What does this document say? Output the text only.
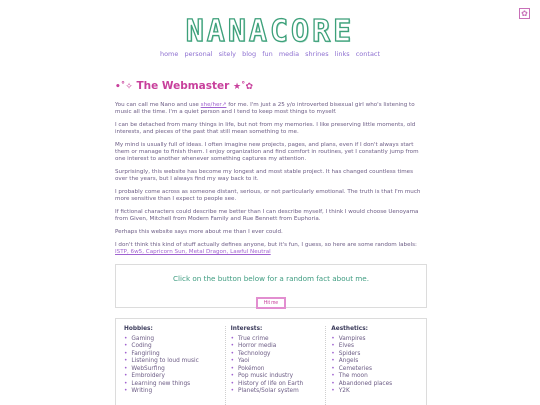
✿
NANACORE
home personal sitely blog fun media shrines links contact
•˚✧ The Webmaster ★˚✿

You can call me Nano and use she/her↗ for me. I'm just a 25 y/o introverted bisexual girl who's listening to music all the time. I'm a quiet person and I tend to keep most things to myself.

I can be detached from many things in life, but not from my memories. I like preserving little moments, old interests, and pieces of the past that still mean something to me.

My mind is usually full of ideas. I often imagine new projects, pages, and plans, even if I don't always start them or manage to finish them. I enjoy organization and find comfort in routines, yet I constantly jump from one interest to another whenever something captures my attention.

Surprisingly, this website has become my longest and most stable project. It has changed countless times over the years, but I always find my way back to it.

I probably come across as someone distant, serious, or not particularly emotional. The truth is that I'm much more sensitive than I expect to people see.

If fictional characters could describe me better than I can describe myself, I think I would choose Uenoyama from Given, Mitchell from Modern Family and Rue Bennett from Euphoria.

Perhaps this website says more about me than I ever could.

I don't think this kind of stuff actually defines anyone, but it's fun, I guess, so here are some random labels: ISTP, 6w5, Capricorn Sun, Metal Dragon, Lawful Neutral

Click on the button below for a random fact about me.
Hit me
Hobbies:
• Gaming
• Coding
• Fangirling
• Listening to loud music
• WebSurfing
• Embroidery
• Learning new things
• Writing
Interests:
• True crime
• Horror media
• Technology
• Yaoi
• Pokémon
• Pop music industry
• History of life on Earth
• Planets/Solar system
Aesthetics:
• Vampires
• Elves
• Spiders
• Angels
• Cemeteries
• The moon
• Abandoned places
• Y2K
